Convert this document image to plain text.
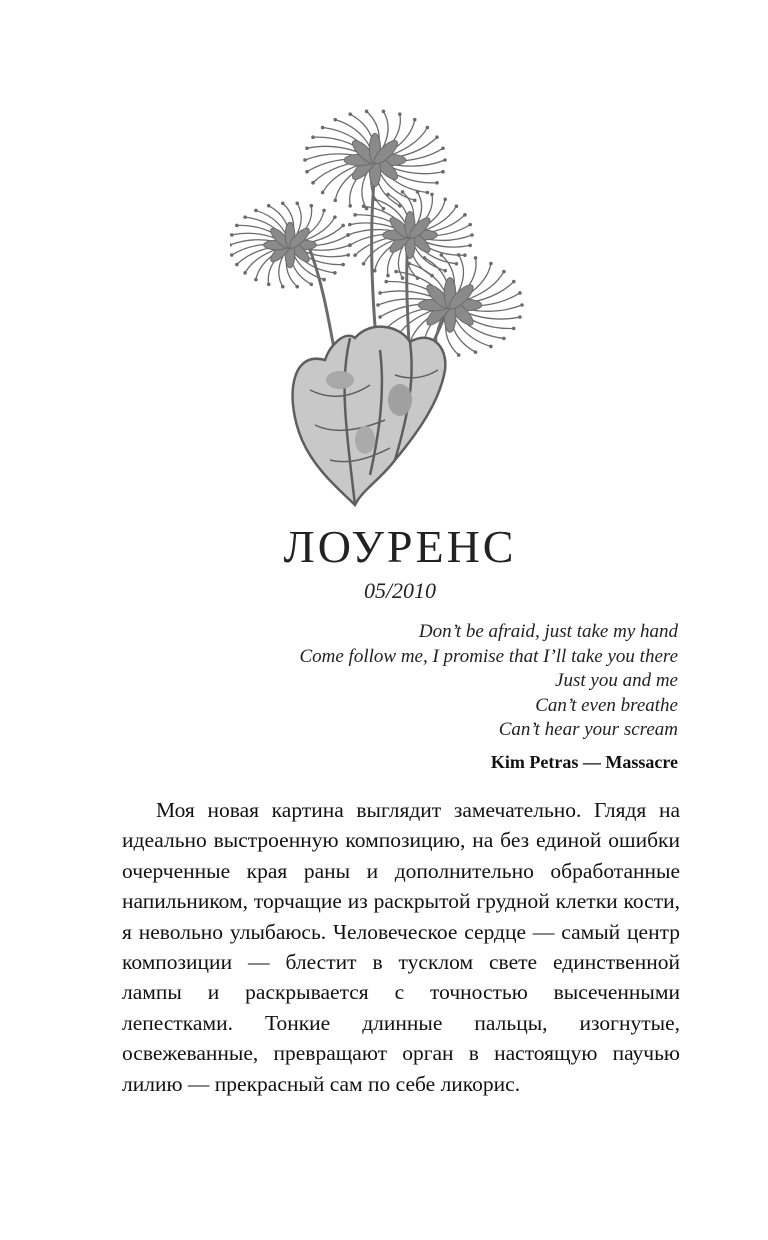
ЛОУРЕНС
05/2010
Don’t be afraid, just take my hand
Come follow me, I promise that I’ll take you there
Just you and me
Can’t even breathe
Can’t hear your scream
Kim Petras — Massacre

Моя новая картина выглядит замечательно. Глядя на идеально выстроенную композицию, на без единой ошибки очерченные края раны и дополнительно обработанные напильником, торчащие из раскрытой грудной клетки кости, я невольно улыбаюсь. Человеческое сердце — самый центр композиции — блестит в тусклом свете единственной лампы и раскрывается с точностью высеченными лепестками. Тонкие длинные пальцы, изогнутые, освежеванные, превращают орган в настоящую паучью лилию — прекрасный сам по себе ликорис.
